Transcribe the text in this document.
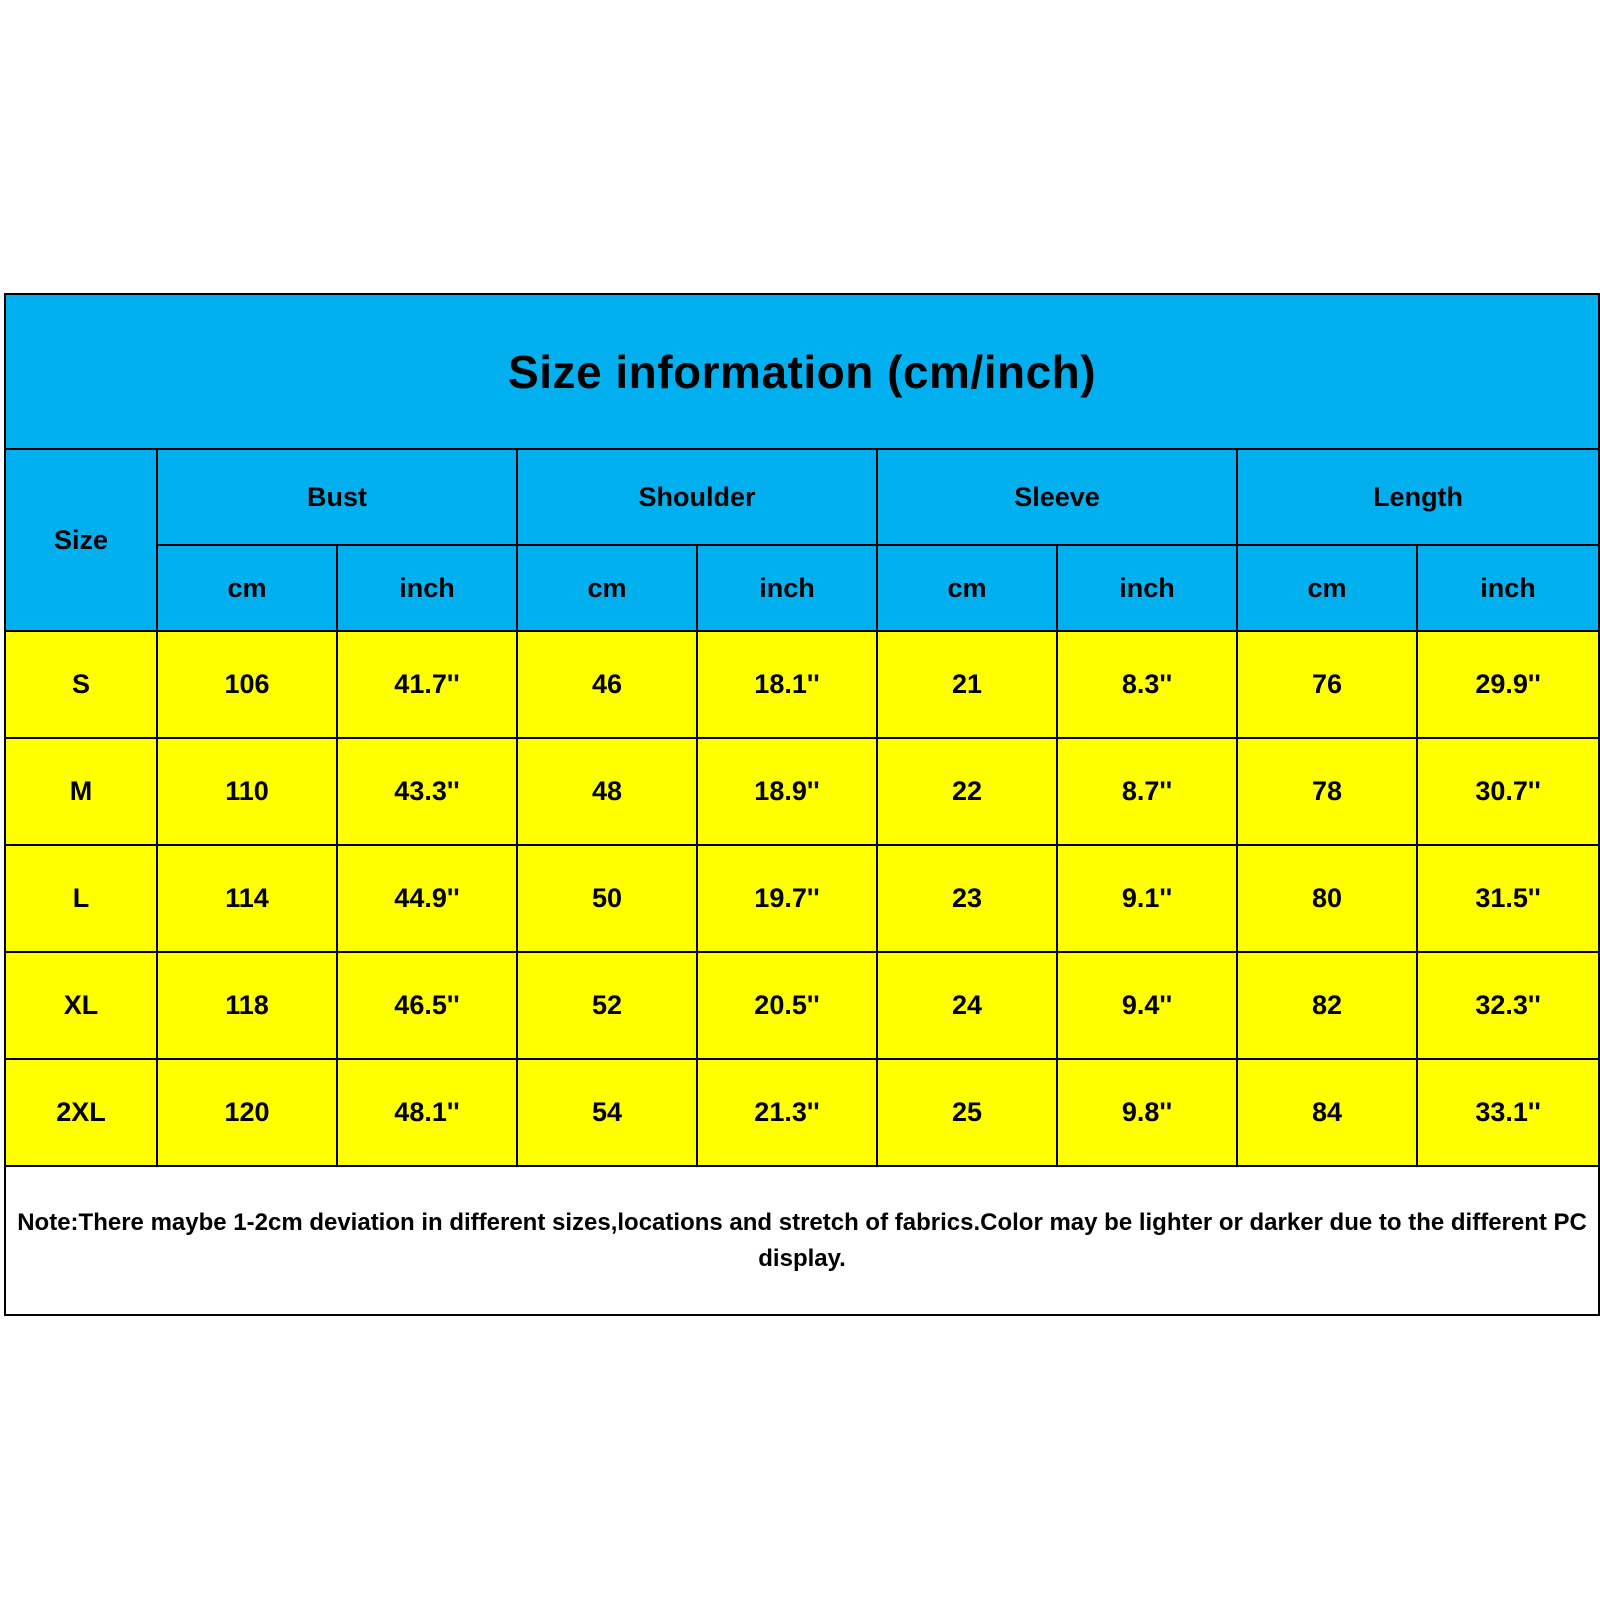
Size information (cm/inch)								
Size	Bust		Shoulder		Sleeve		Length	
	cm	inch	cm	inch	cm	inch	cm	inch
S	106	41.7''	46	18.1''	21	8.3''	76	29.9''
M	110	43.3''	48	18.9''	22	8.7''	78	30.7''
L	114	44.9''	50	19.7''	23	9.1''	80	31.5''
XL	118	46.5''	52	20.5''	24	9.4''	82	32.3''
2XL	120	48.1''	54	21.3''	25	9.8''	84	33.1''
Note:There maybe 1-2cm deviation in different sizes,locations and stretch of fabrics.Color may be lighter or darker due to the different PC display.								
